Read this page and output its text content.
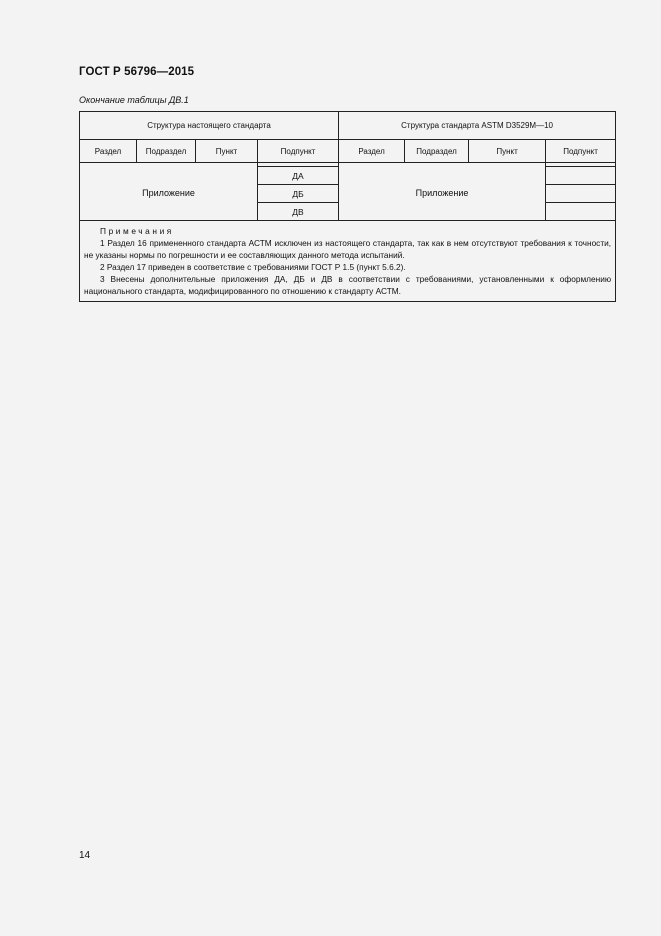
ГОСТ Р 56796—2015
Окончание таблицы ДВ.1
Структура настоящего стандарта				Структура стандарта ASTM D3529M—10			
Раздел	Подраздел	Пункт	Подпункт	Раздел	Подраздел	Пункт	Подпункт

Приложение			ДА	Приложение			
			ДБ				
			ДВ				

Примечания
1 Раздел 16 примененного стандарта АСТМ исключен из настоящего стандарта, так как в нем отсутствуют требования к точности, не указаны нормы по погрешности и ее составляющих данного метода испытаний.
2 Раздел 17 приведен в соответствие с требованиями ГОСТ Р 1.5 (пункт 5.6.2).
3 Внесены дополнительные приложения ДА, ДБ и ДВ в соответствии с требованиями, установленными к оформлению национального стандарта, модифицированного по отношению к стандарту АСТМ.							
14
